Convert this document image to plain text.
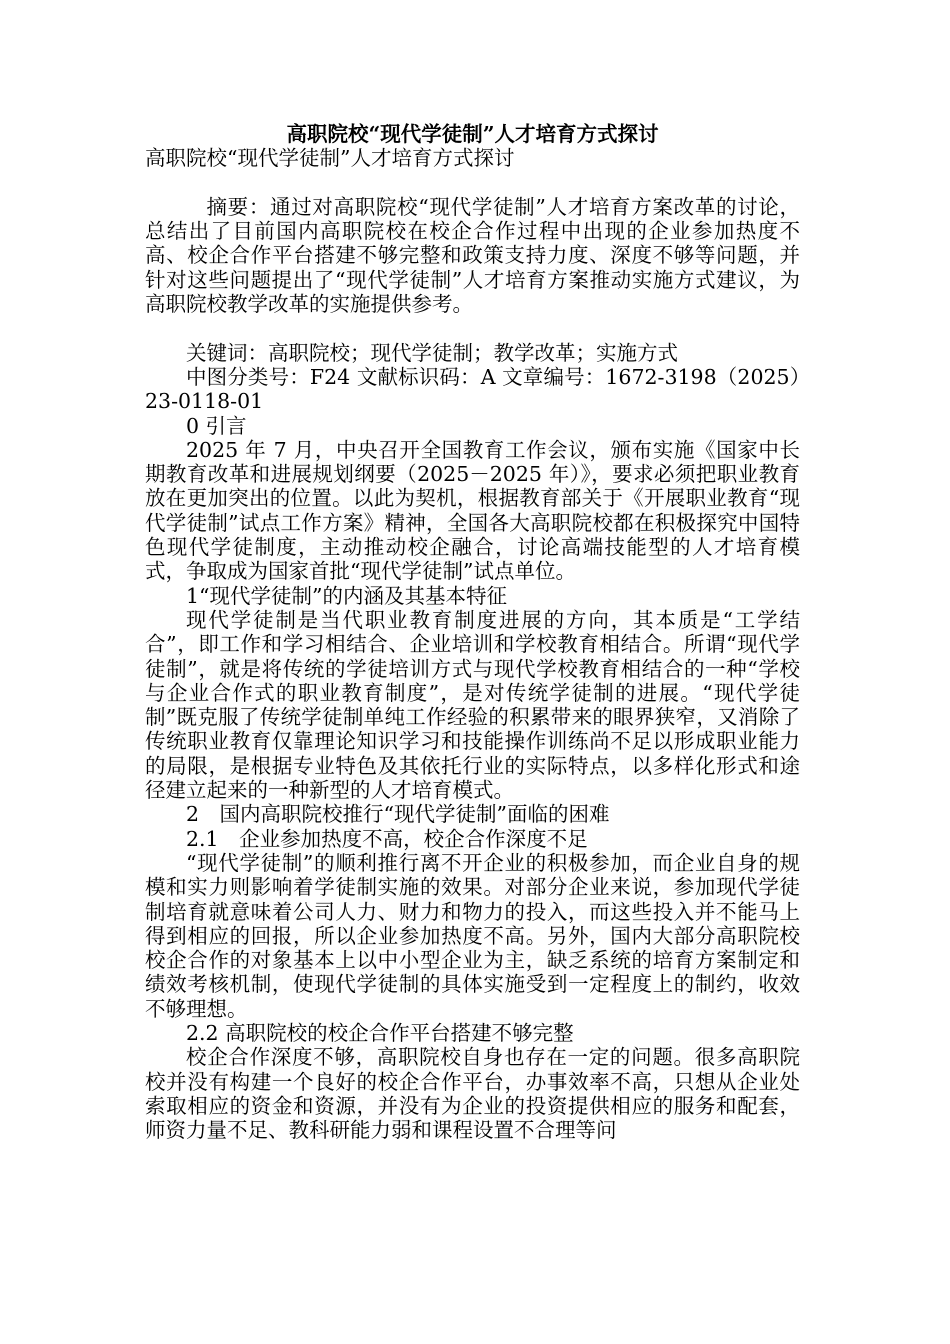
高职院校“现代学徒制”人才培育方式探讨

高职院校“现代学徒制”人才培育方式探讨

摘要：通过对高职院校“现代学徒制”人才培育方案改革的讨论，总结出了目前国内高职院校在校企合作过程中出现的企业参加热度不高、校企合作平台搭建不够完整和政策支持力度、深度不够等问题，并针对这些问题提出了“现代学徒制”人才培育方案推动实施方式建议，为高职院校教学改革的实施提供参考。

关键词：高职院校；现代学徒制；教学改革；实施方式

中图分类号：F24 文献标识码：A 文章编号：1672-3198（2025）23-0118-01

0 引言

2025 年 7 月，中央召开全国教育工作会议，颁布实施《国家中长期教育改革和进展规划纲要（2025－2025 年）》，要求必须把职业教育放在更加突出的位置。以此为契机，根据教育部关于《开展职业教育“现代学徒制”试点工作方案》精神，全国各大高职院校都在积极探究中国特色现代学徒制度，主动推动校企融合，讨论高端技能型的人才培育模式，争取成为国家首批“现代学徒制”试点单位。

1“现代学徒制”的内涵及其基本特征

现代学徒制是当代职业教育制度进展的方向，其本质是“工学结合”，即工作和学习相结合、企业培训和学校教育相结合。所谓“现代学徒制”，就是将传统的学徒培训方式与现代学校教育相结合的一种“学校与企业合作式的职业教育制度”，是对传统学徒制的进展。“现代学徒制”既克服了传统学徒制单纯工作经验的积累带来的眼界狭窄，又消除了传统职业教育仅靠理论知识学习和技能操作训练尚不足以形成职业能力的局限，是根据专业特色及其依托行业的实际特点，以多样化形式和途径建立起来的一种新型的人才培育模式。

2　国内高职院校推行“现代学徒制”面临的困难

2.1　企业参加热度不高，校企合作深度不足

“现代学徒制”的顺利推行离不开企业的积极参加，而企业自身的规模和实力则影响着学徒制实施的效果。对部分企业来说，参加现代学徒制培育就意味着公司人力、财力和物力的投入，而这些投入并不能马上得到相应的回报，所以企业参加热度不高。另外，国内大部分高职院校校企合作的对象基本上以中小型企业为主，缺乏系统的培育方案制定和绩效考核机制，使现代学徒制的具体实施受到一定程度上的制约，收效不够理想。

2.2 高职院校的校企合作平台搭建不够完整

校企合作深度不够，高职院校自身也存在一定的问题。很多高职院校并没有构建一个良好的校企合作平台，办事效率不高，只想从企业处索取相应的资金和资源，并没有为企业的投资提供相应的服务和配套，师资力量不足、教科研能力弱和课程设置不合理等问
